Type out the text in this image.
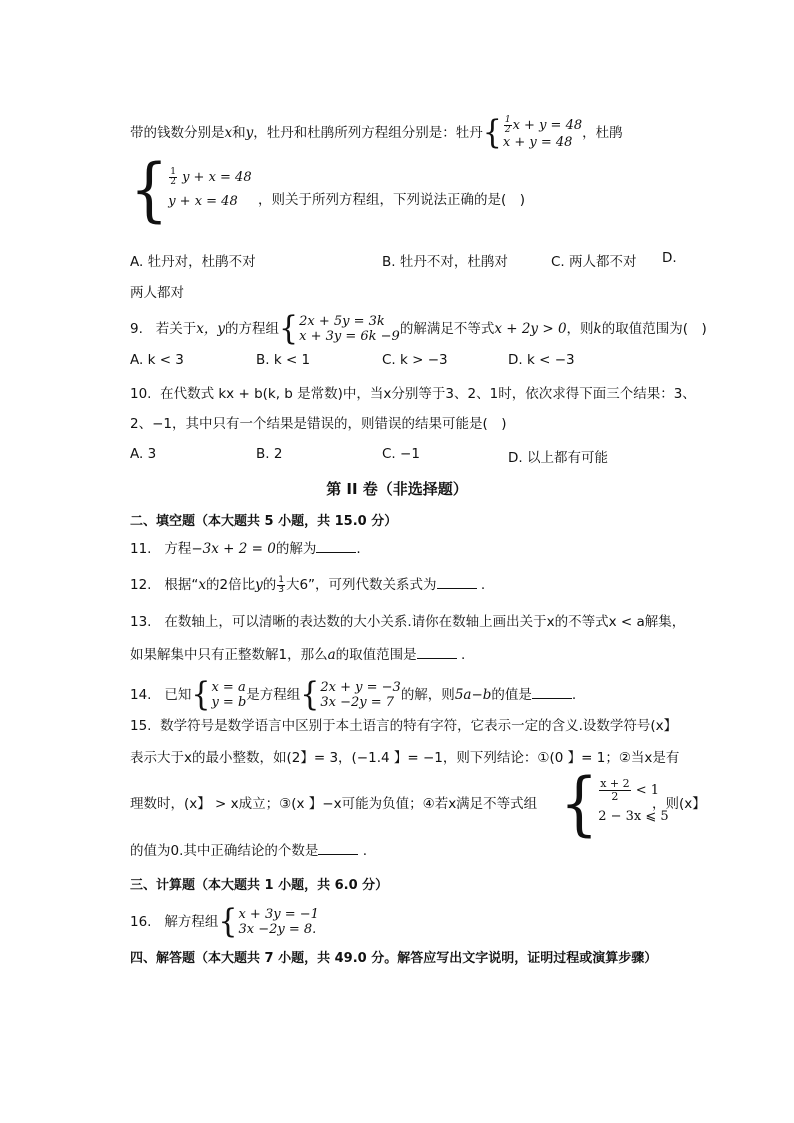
带的钱数分别是x和y，牡丹和杜鹃所列方程组分别是：牡丹 { $\frac{1}{2}$ x + y = 48
x + y = 48
，杜鹃
{ $\frac{1}{2}$ y + x = 48
y + x = 48	，则关于所列方程组，下列说法正确的是(　)
A. 牡丹对，杜鹃不对	B. 牡丹不对，杜鹃对	C. 两人都不对 D.
两人都对
9. 若关于x，y的方程组 { 2x + 5y = 3k
x + 3y = 6k −9 的解满足不等式x + 2y > 0，则k的取值范围为(　)
A. k < 3	B. k < 1	C. k > −3	D. k < −3
10. 在代数式 kx + b(k, b 是常数)中，当x分别等于3、2、1时，依次求得下面三个结果：3、
2、−1，其中只有一个结果是错误的，则错误的结果可能是(　)
A. 3	B. 2	C. −1	D. 以上都有可能
第 II 卷（非选择题）
二、填空题（本大题共 5 小题，共 15.0 分）
11. 方程−3x + 2 = 0的解为	.
12. 根据“x的2倍比y的 $\frac{1}{3}$ 大6”，可列代数关系式为	.
13. 在数轴上，可以清晰的表达数的大小关系.请你在数轴上画出关于x的不等式x < a解集，
如果解集中只有正整数解1，那么a的取值范围是	.
14. 已知 { x = a
y = b 是方程组 { 2x + y = −3
3x −2y = 7 的解，则5a−b的值是	.
15. 数学符号是数学语言中区别于本土语言的特有字符，它表示一定的含义.设数学符号(x】
表示大于x的最小整数，如(2】= 3，(−1.4 】= −1，则下列结论：①(0 】= 1；②当x是有
理数时，(x】 > x成立；③(x 】−x可能为负值；④若x满足不等式组 { $\frac{x + 2}{2} < 1$
2 − 3x ⩽ 5
，则(x】
的值为0.其中正确结论的个数是	.
三、计算题（本大题共 1 小题，共 6.0 分）
16. 解方程组 { x + 3y = −1
3x −2y = 8.
四、解答题（本大题共 7 小题，共 49.0 分。解答应写出文字说明，证明过程或演算步骤）
